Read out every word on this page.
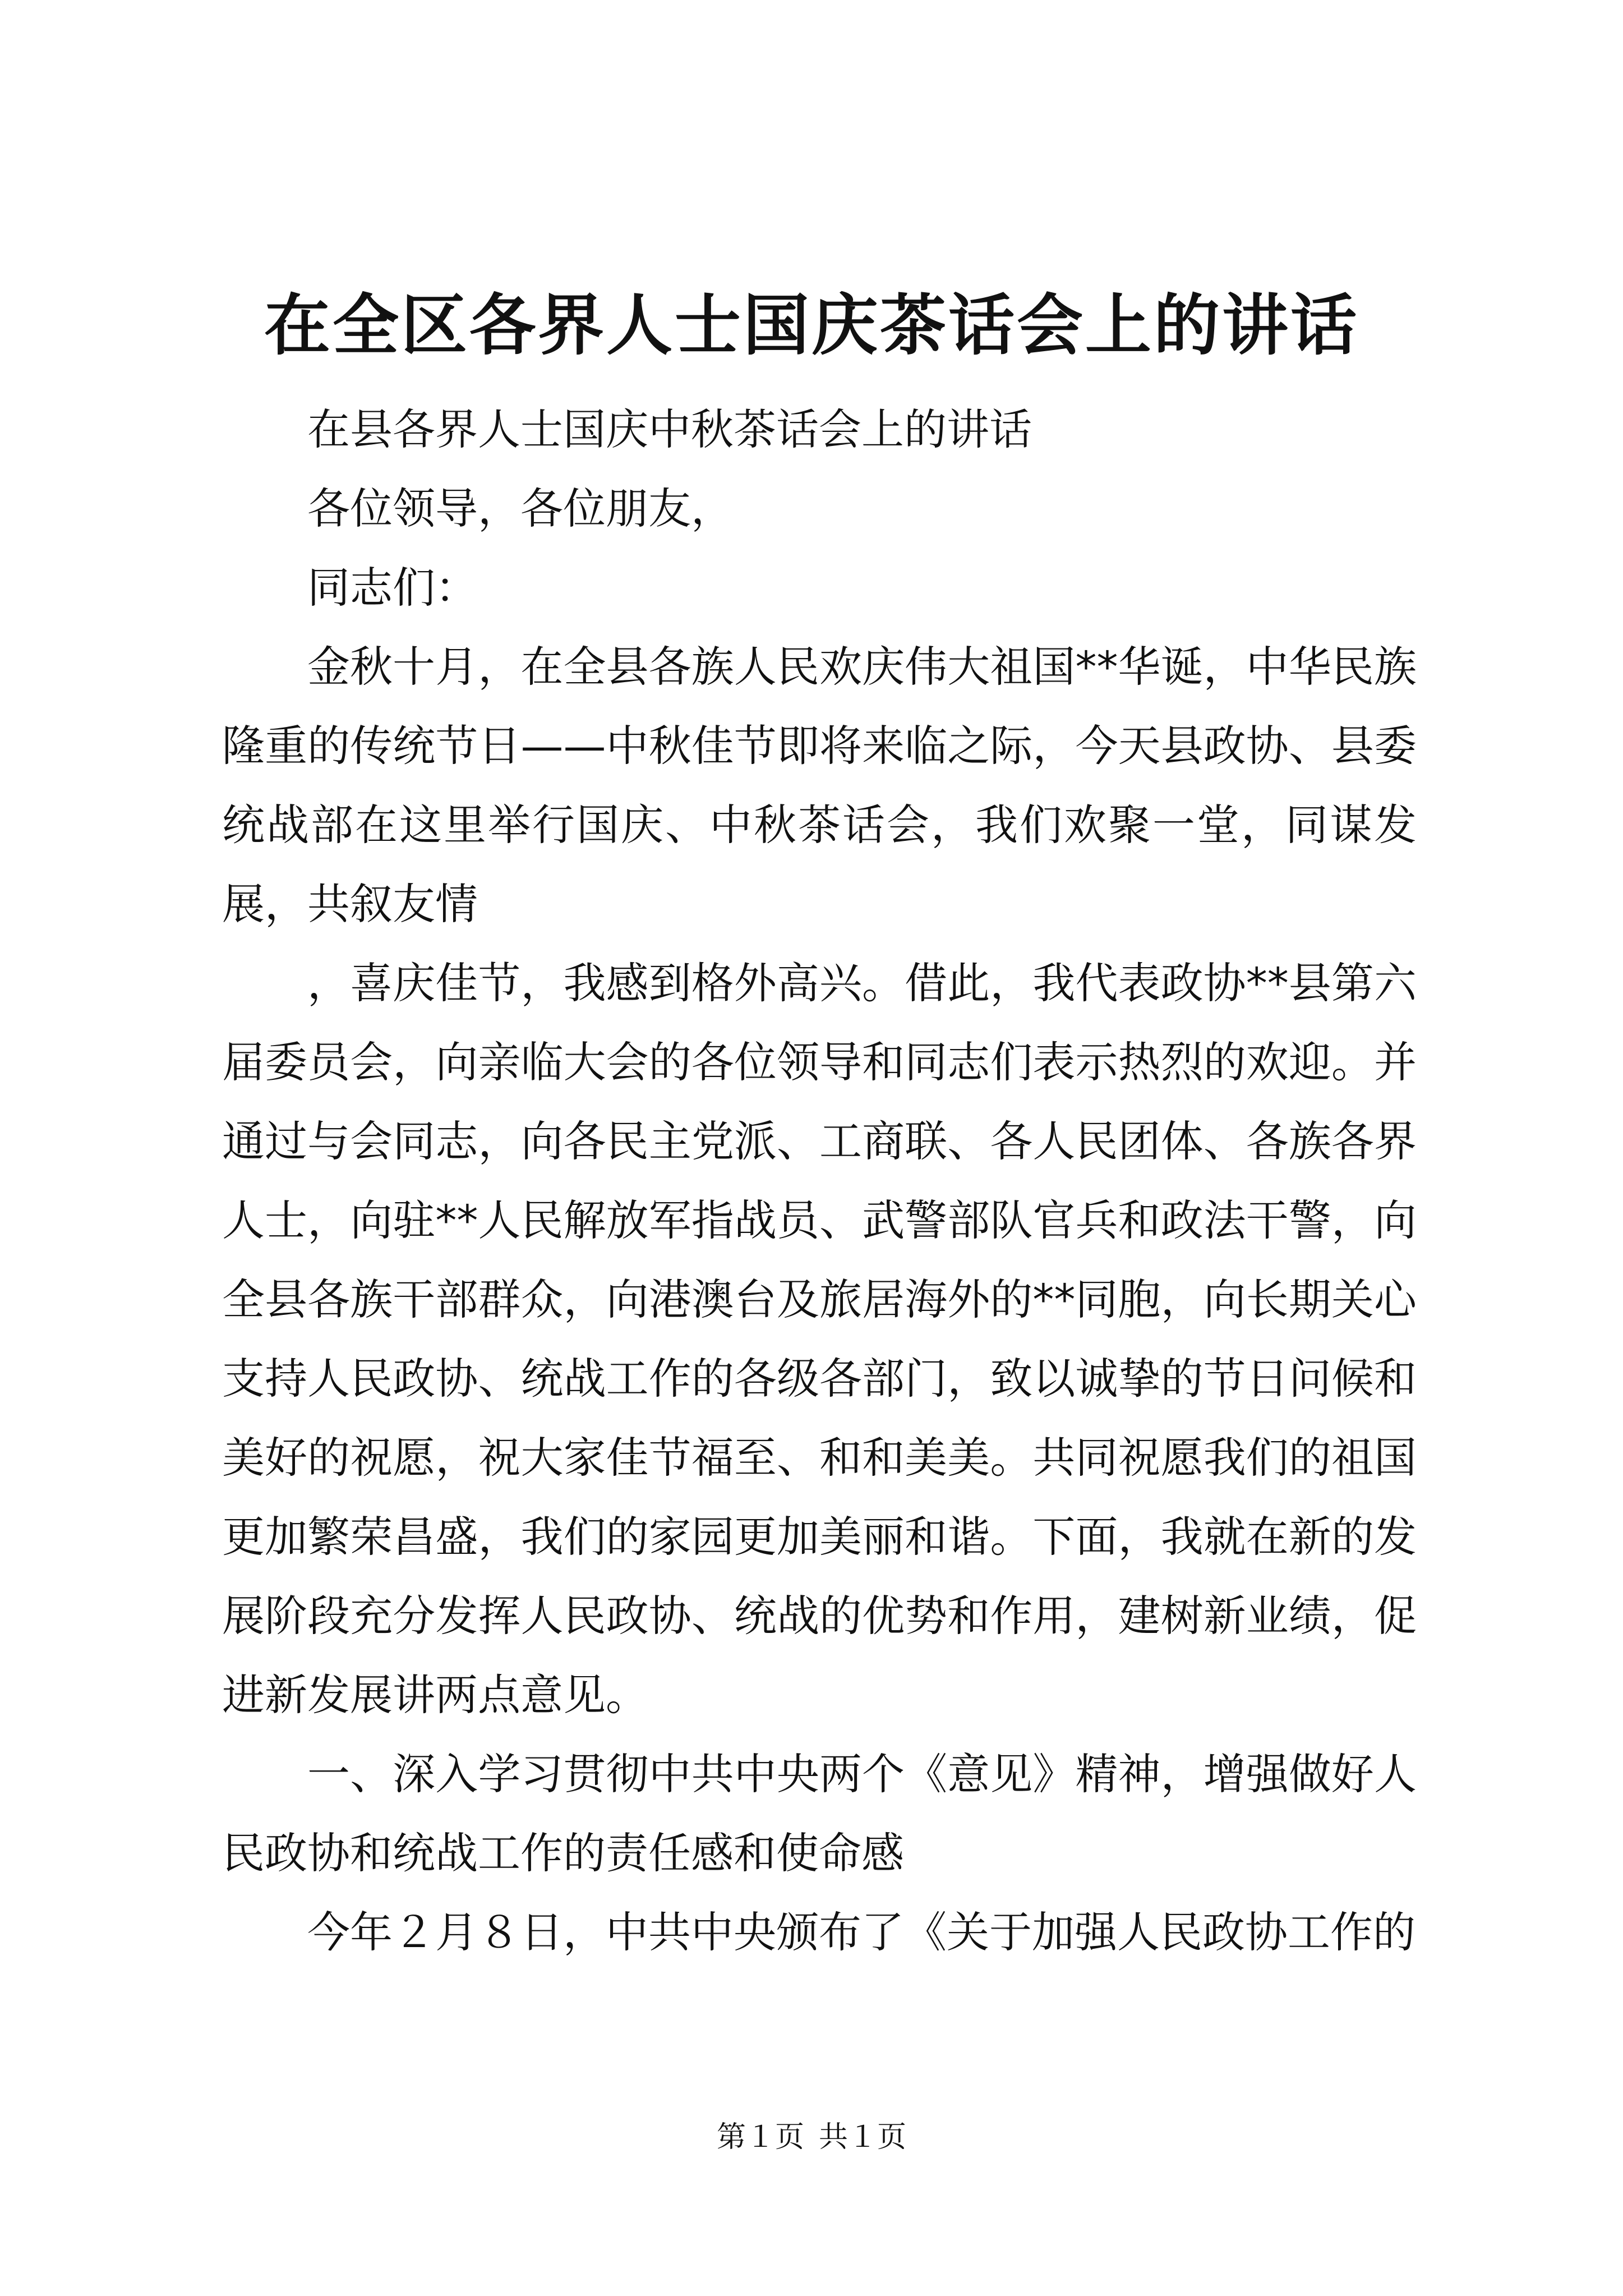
在全区各界人士国庆茶话会上的讲话

在县各界人士国庆中秋茶话会上的讲话

各位领导，各位朋友，

同志们：

金秋十月，在全县各族人民欢庆伟大祖国**华诞，中华民族隆重的传统节日——中秋佳节即将来临之际，今天县政协、县委统战部在这里举行国庆、中秋茶话会，我们欢聚一堂，同谋发展，共叙友情

，喜庆佳节，我感到格外高兴。借此，我代表政协**县第六届委员会，向亲临大会的各位领导和同志们表示热烈的欢迎。并通过与会同志，向各民主党派、工商联、各人民团体、各族各界人士，向驻**人民解放军指战员、武警部队官兵和政法干警，向全县各族干部群众，向港澳台及旅居海外的**同胞，向长期关心支持人民政协、统战工作的各级各部门，致以诚挚的节日问候和美好的祝愿，祝大家佳节福至、和和美美。共同祝愿我们的祖国更加繁荣昌盛，我们的家园更加美丽和谐。下面，我就在新的发展阶段充分发挥人民政协、统战的优势和作用，建树新业绩，促进新发展讲两点意见。

一、深入学习贯彻中共中央两个《意见》精神，增强做好人民政协和统战工作的责任感和使命感

今年２月８日，中共中央颁布了《关于加强人民政协工作的

第１页 共１页
